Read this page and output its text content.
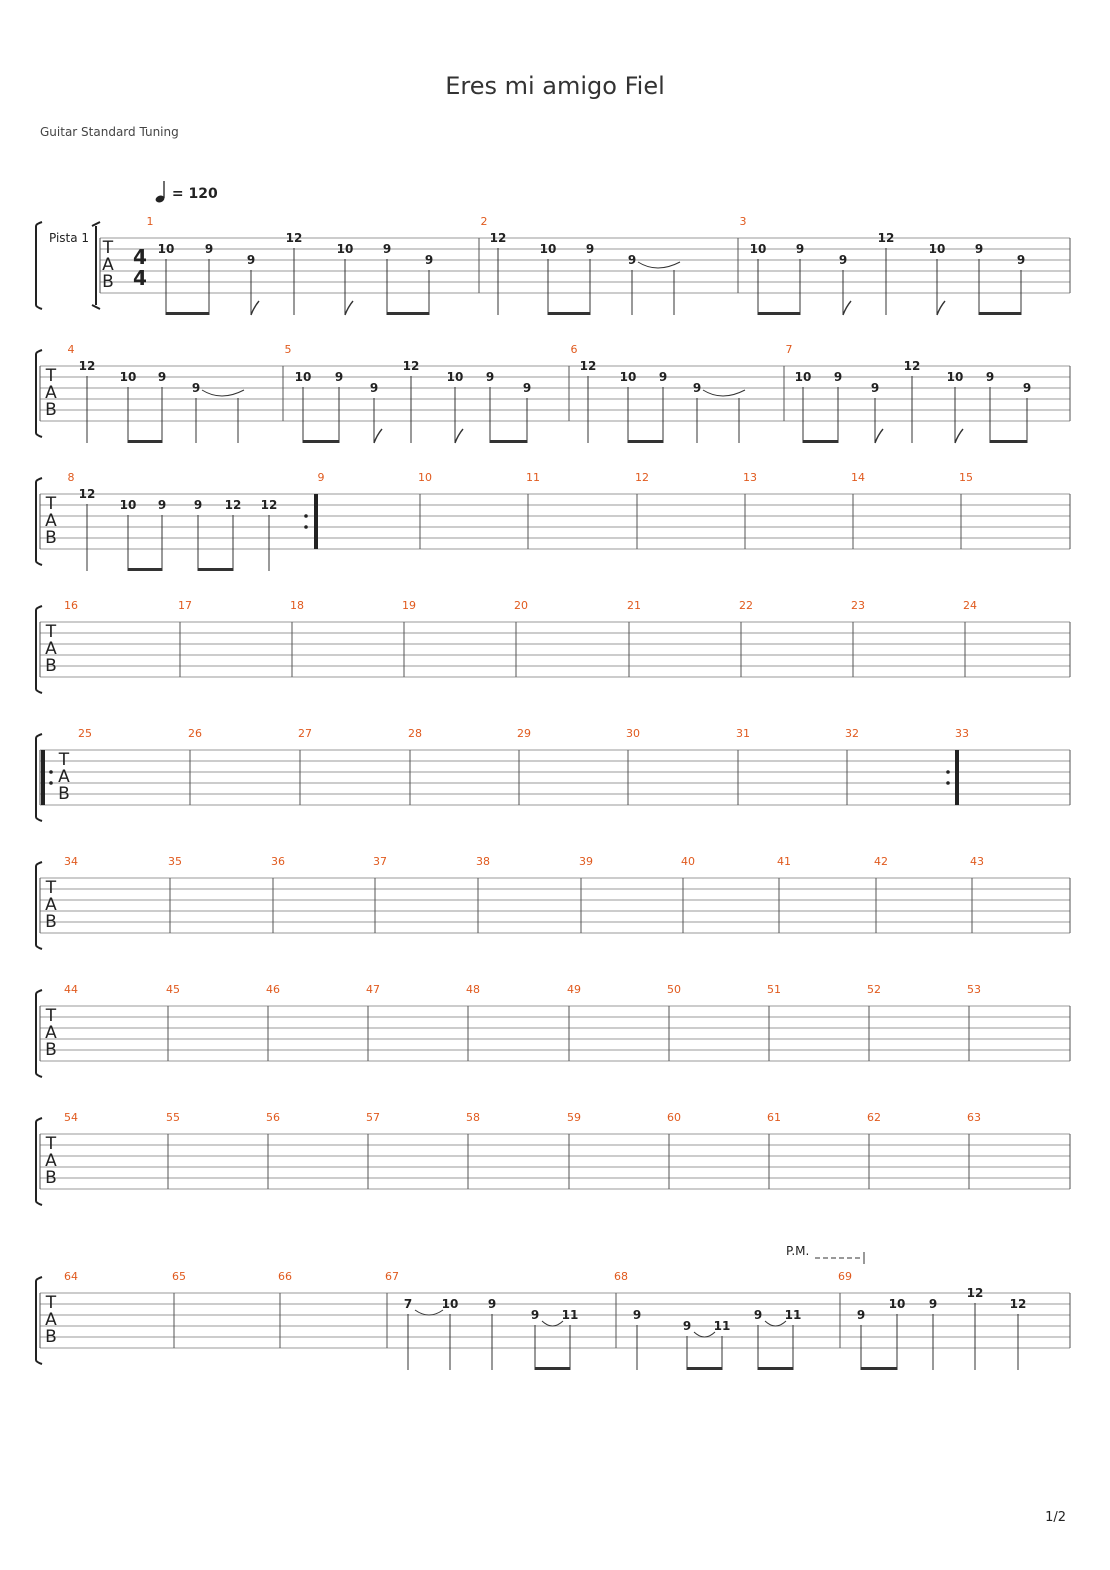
Eres mi amigo Fiel
Guitar Standard Tuning
= 120
1/2
T
A
B
Pista 1
4
4
1
10	9
9
12
10 9
9
2
12
10 9
9
3
10 9
9
12
10 9
9
T
A
B
4
12
10 9
9
5
10 9
9
12
10 9
9
6
12
10 9
9
7
10 9
9
12
10 9
9
T
A
B
8
12
10 9 9 12 12
9	10	11	12	13	14	15
T
A
B
16	17	18	19	20	21	22	23	24
T
A
B
25	26	27	28	29	30	31	32	33
T
A
B
34	35	36	37	38	39	40	41	42	43
T
A
B
44	45	46	47	48	49	50	51	52	53
T
A
B
54	55	56	57	58	59	60	61	62	63
T
A
B
64	65	66	67
7 10 9
9 11
68
9
9 11
9 11
69
9
10 9
12
12
P.M.
